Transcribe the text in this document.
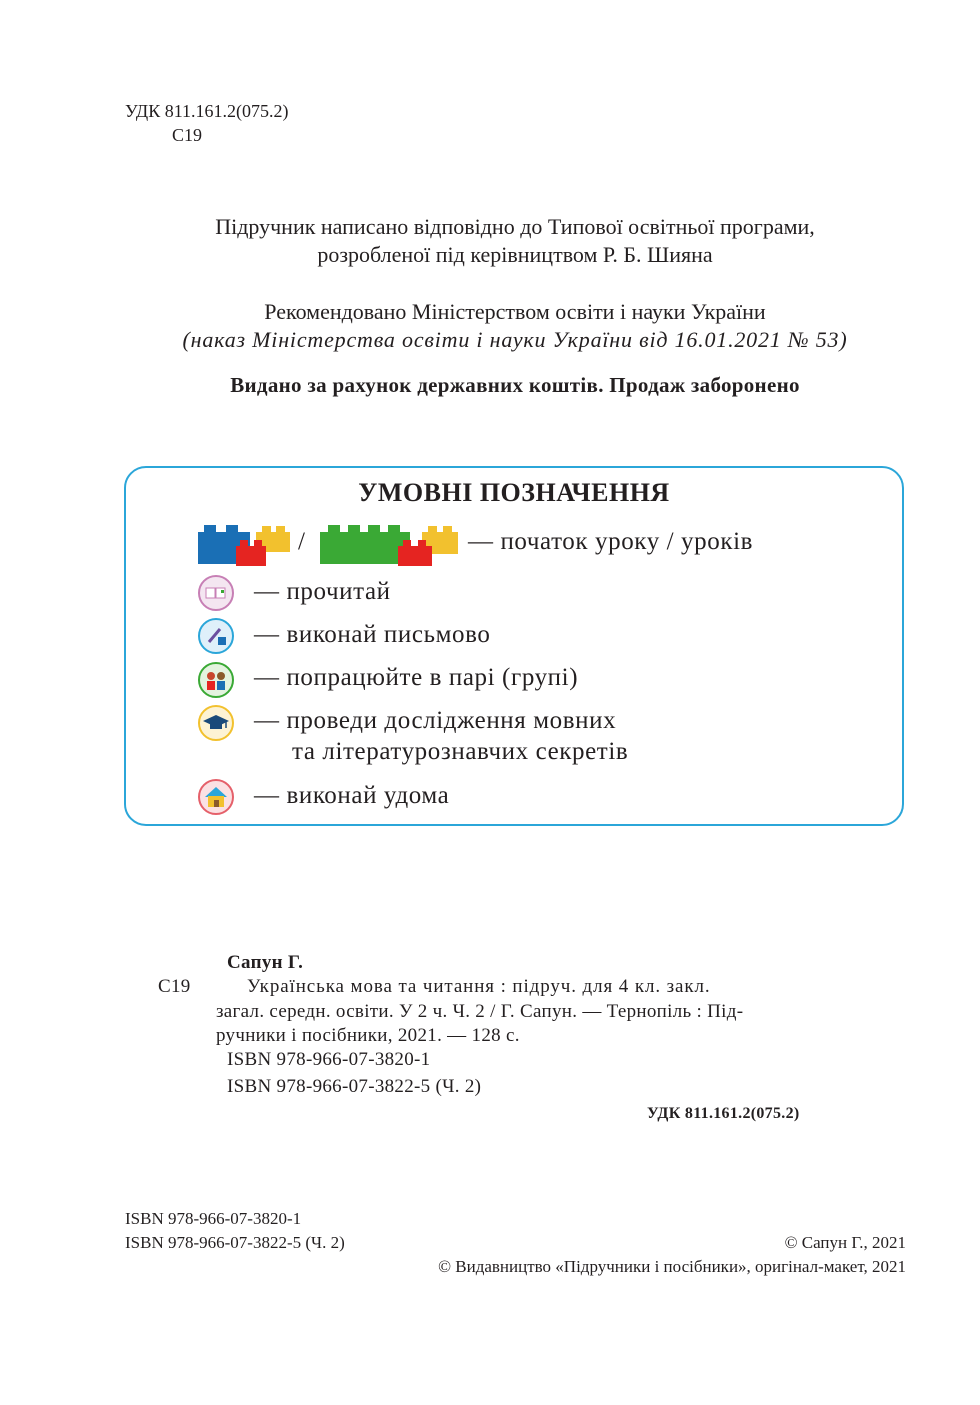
УДК 811.161.2(075.2)
С19
Підручник написано відповідно до Типової освітньої програми,
розробленої під керівництвом Р. Б. Шияна
Рекомендовано Міністерством освіти і науки України
(наказ Міністерства освіти і науки України від 16.01.2021 № 53)
Видано за рахунок державних коштів. Продаж заборонено
УМОВНІ ПОЗНАЧЕННЯ
/	— початок уроку / уроків
— прочитай
— виконай письмово
— попрацюйте в парі (групі)
— проведи дослідження мовних
та літературознавчих секретів
— виконай удома
Сапун Г.
С19	Українська мова та читання : підруч. для 4 кл. закл.
загал. середн. освіти. У 2 ч. Ч. 2 / Г. Сапун. — Тернопіль : Під-
ручники і посібники, 2021. — 128 с.
ISBN 978-966-07-3820-1
ISBN 978-966-07-3822-5 (Ч. 2)
УДК 811.161.2(075.2)
ISBN 978-966-07-3820-1
ISBN 978-966-07-3822-5 (Ч. 2)	© Сапун Г., 2021
© Видавництво «Підручники і посібники», оригінал-макет, 2021
